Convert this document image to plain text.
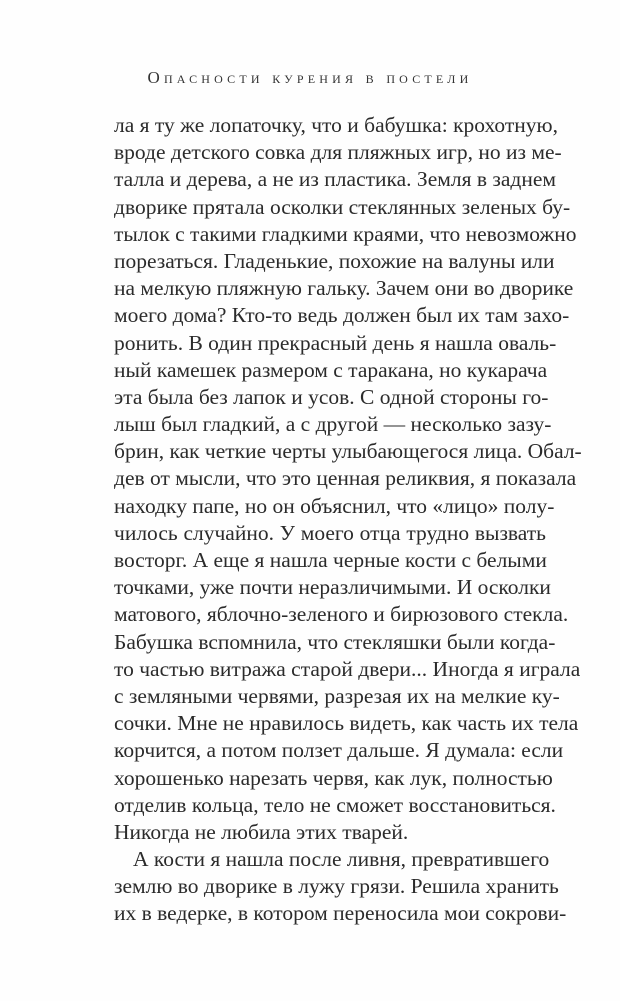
Опасности курения в постели
ла я ту же лопаточку, что и бабушка: крохотную,
вроде детского совка для пляжных игр, но из ме-
талла и дерева, а не из пластика. Земля в заднем
дворике прятала осколки стеклянных зеленых бу-
тылок с такими гладкими краями, что невозможно
порезаться. Гладенькие, похожие на валуны или
на мелкую пляжную гальку. Зачем они во дворике
моего дома? Кто-то ведь должен был их там захо-
ронить. В один прекрасный день я нашла оваль-
ный камешек размером с таракана, но кукарача
эта была без лапок и усов. С одной стороны го-
лыш был гладкий, а с другой — несколько зазу-
брин, как четкие черты улыбающегося лица. Обал-
дев от мысли, что это ценная реликвия, я показала
находку папе, но он объяснил, что «лицо» полу-
чилось случайно. У моего отца трудно вызвать
восторг. А еще я нашла черные кости с белыми
точками, уже почти неразличимыми. И осколки
матового, яблочно-зеленого и бирюзового стекла.
Бабушка вспомнила, что стекляшки были когда-
то частью витража старой двери... Иногда я играла
с земляными червями, разрезая их на мелкие ку-
сочки. Мне не нравилось видеть, как часть их тела
корчится, а потом ползет дальше. Я думала: если
хорошенько нарезать червя, как лук, полностью
отделив кольца, тело не сможет восстановиться.
Никогда не любила этих тварей.
А кости я нашла после ливня, превратившего
землю во дворике в лужу грязи. Решила хранить
их в ведерке, в котором переносила мои сокрови-
